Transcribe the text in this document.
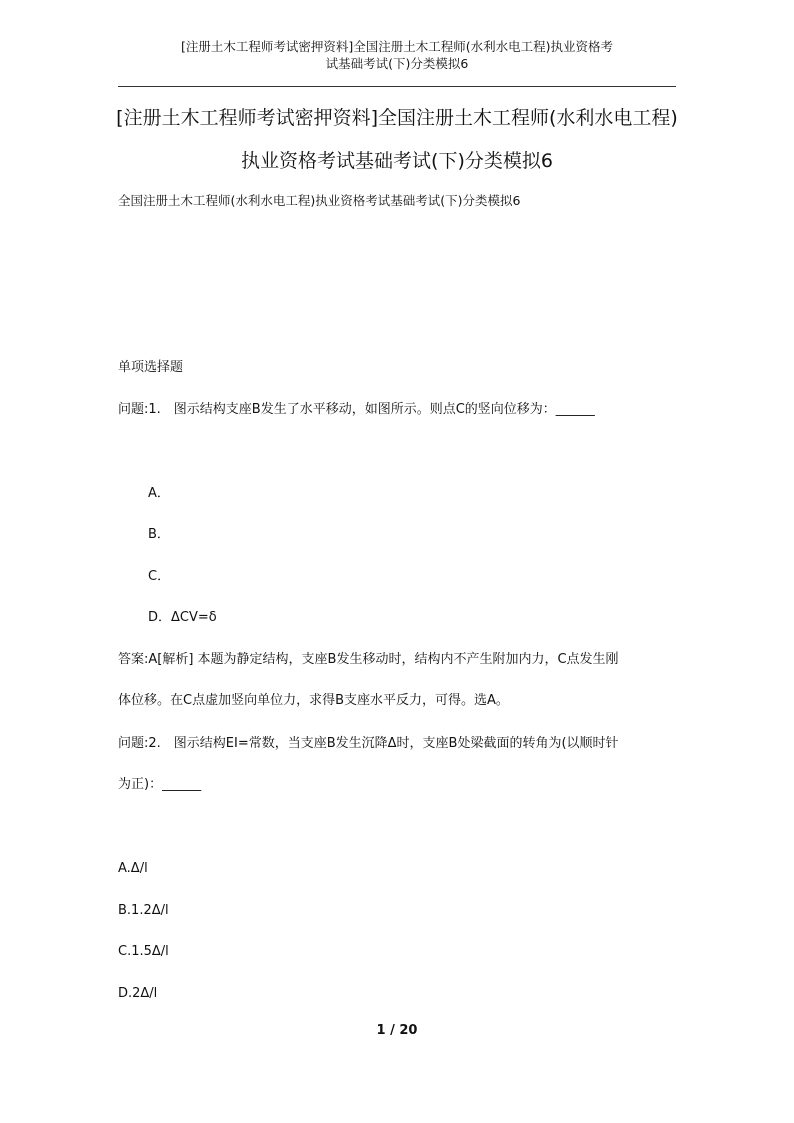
[注册土木工程师考试密押资料]全国注册土木工程师(水利水电工程)执业资格考
试基础考试(下)分类模拟6
[注册土木工程师考试密押资料]全国注册土木工程师(水利水电工程)
执业资格考试基础考试(下)分类模拟6
全国注册土木工程师(水利水电工程)执业资格考试基础考试(下)分类模拟6
单项选择题
问题:1.　图示结构支座B发生了水平移动，如图所示。则点C的竖向位移为：______
A．
B．
C．
D．ΔCV=δ
答案:A[解析] 本题为静定结构，支座B发生移动时，结构内不产生附加内力，C点发生刚
体位移。在C点虚加竖向单位力，求得B支座水平反力，可得。选A。
问题:2.　图示结构EI=常数，当支座B发生沉降Δ时，支座B处梁截面的转角为(以顺时针
为正)：______
A.Δ/l
B.1.2Δ/l
C.1.5Δ/l
D.2Δ/l
1 / 20
